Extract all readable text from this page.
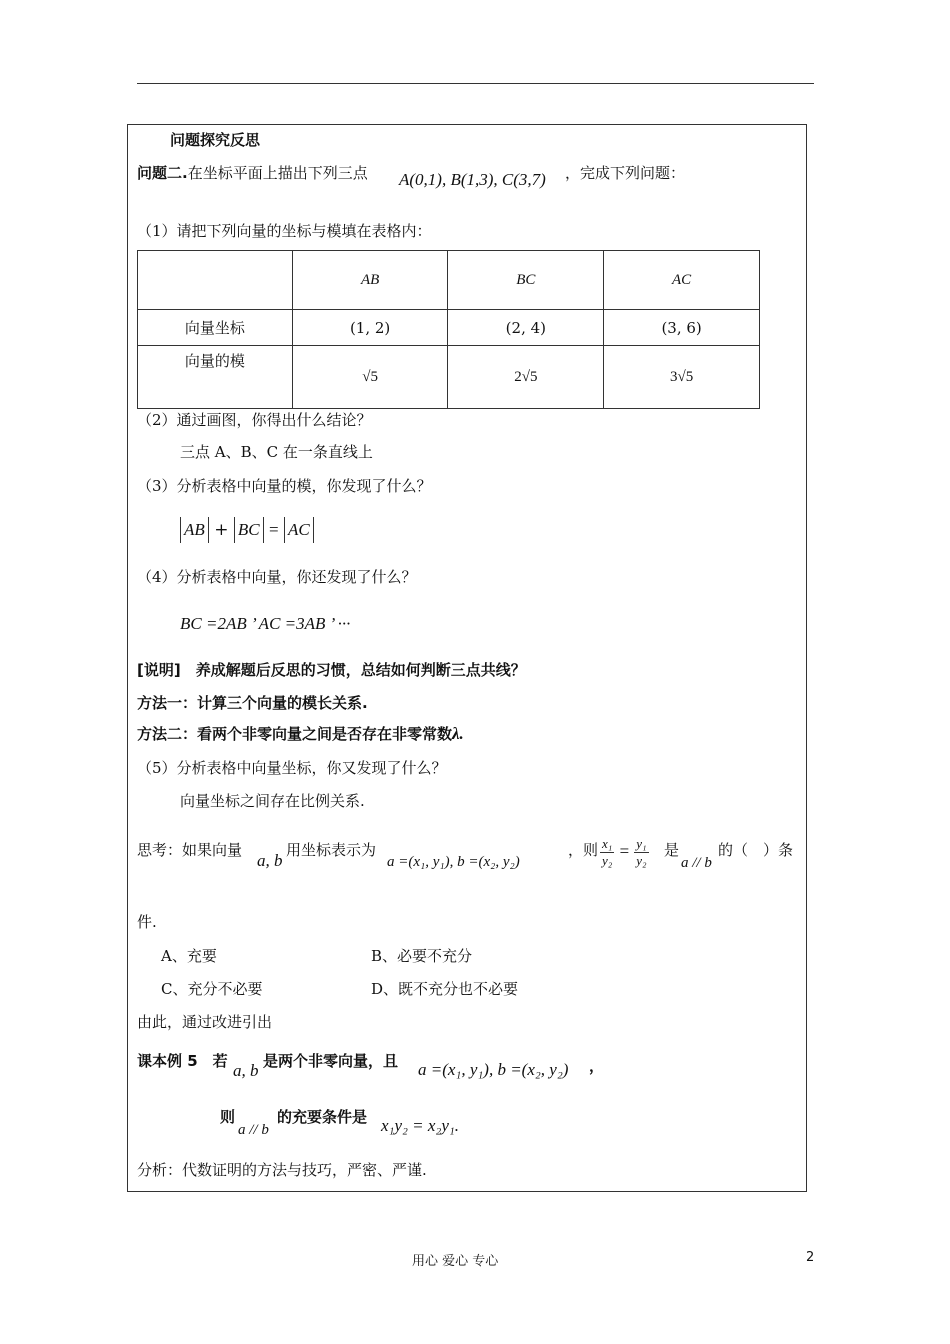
问题探究反思
问题二.在坐标平面上描出下列三点 A(0,1), B(1,3), C(3,7) ，完成下列问题：
（1）请把下列向量的坐标与模填在表格内：
	AB	BC	AC
向量坐标	(1, 2)	(2, 4)	(3, 6)
向量的模	√5	2√5	3√5
（2）通过画图，你得出什么结论？
三点 A、B、C 在一条直线上
（3）分析表格中向量的模，你发现了什么？
AB + BC = AC
（4）分析表格中向量，你还发现了什么？
BC =2AB ’ AC =3AB ’ ···
[说明]　养成解题后反思的习惯，总结如何判断三点共线？
方法一：计算三个向量的模长关系.
方法二：看两个非零向量之间是否存在非零常数λ.
（5）分析表格中向量坐标，你又发现了什么？
向量坐标之间存在比例关系.
思考：如果向量
a, b
用坐标表示为
a =(x₁, y₁), b =(x₂, y₂)
，则 $\frac{\text{x₁}}{\text{y₂}} = \frac{\text{y₁}}{\text{y₂}}$ 是
a // b
的（　）条
件.
A、充要	B、必要不充分
C、充分不必要	D、既不充分也不必要
由此，通过改进引出
课本例 5　若 a, b 是两个非零向量，且 a =(x₁, y₁), b =(x₂, y₂) ，
则
a // b
的充要条件是 x₁y₂ = x₂y₁.
分析：代数证明的方法与技巧，严密、严谨.
用心 爱心 专心	2
